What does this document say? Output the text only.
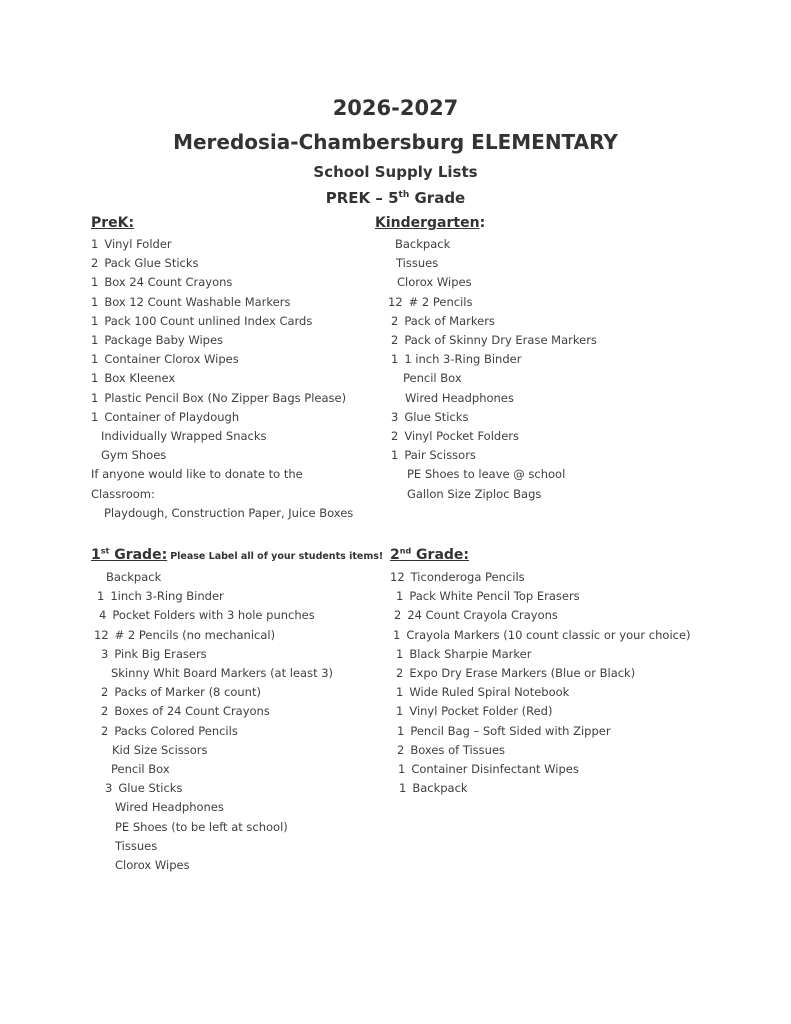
2026-2027
Meredosia-Chambersburg ELEMENTARY
School Supply Lists
PREK – 5th Grade
PreK:
1 Vinyl Folder
2 Pack Glue Sticks
1 Box 24 Count Crayons
1 Box 12 Count Washable Markers
1 Pack 100 Count unlined Index Cards
1 Package Baby Wipes
1 Container Clorox Wipes
1 Box Kleenex
1 Plastic Pencil Box (No Zipper Bags Please)
1 Container of Playdough
Individually Wrapped Snacks
Gym Shoes
If anyone would like to donate to the
Classroom:
Playdough, Construction Paper, Juice Boxes
Kindergarten:
Backpack
Tissues
Clorox Wipes
12 # 2 Pencils
2 Pack of Markers
2 Pack of Skinny Dry Erase Markers
1 1 inch 3-Ring Binder
Pencil Box
Wired Headphones
3 Glue Sticks
2 Vinyl Pocket Folders
1 Pair Scissors
PE Shoes to leave @ school
Gallon Size Ziploc Bags
1st Grade: Please Label all of your students items!
Backpack
1 1inch 3-Ring Binder
4 Pocket Folders with 3 hole punches
12 # 2 Pencils (no mechanical)
3 Pink Big Erasers
Skinny Whit Board Markers (at least 3)
2 Packs of Marker (8 count)
2 Boxes of 24 Count Crayons
2 Packs Colored Pencils
Kid Size Scissors
Pencil Box
3 Glue Sticks
Wired Headphones
PE Shoes (to be left at school)
Tissues
Clorox Wipes
2nd Grade:
12 Ticonderoga Pencils
1 Pack White Pencil Top Erasers
2 24 Count Crayola Crayons
1 Crayola Markers (10 count classic or your choice)
1 Black Sharpie Marker
2 Expo Dry Erase Markers (Blue or Black)
1 Wide Ruled Spiral Notebook
1 Vinyl Pocket Folder (Red)
1 Pencil Bag – Soft Sided with Zipper
2 Boxes of Tissues
1 Container Disinfectant Wipes
1 Backpack
